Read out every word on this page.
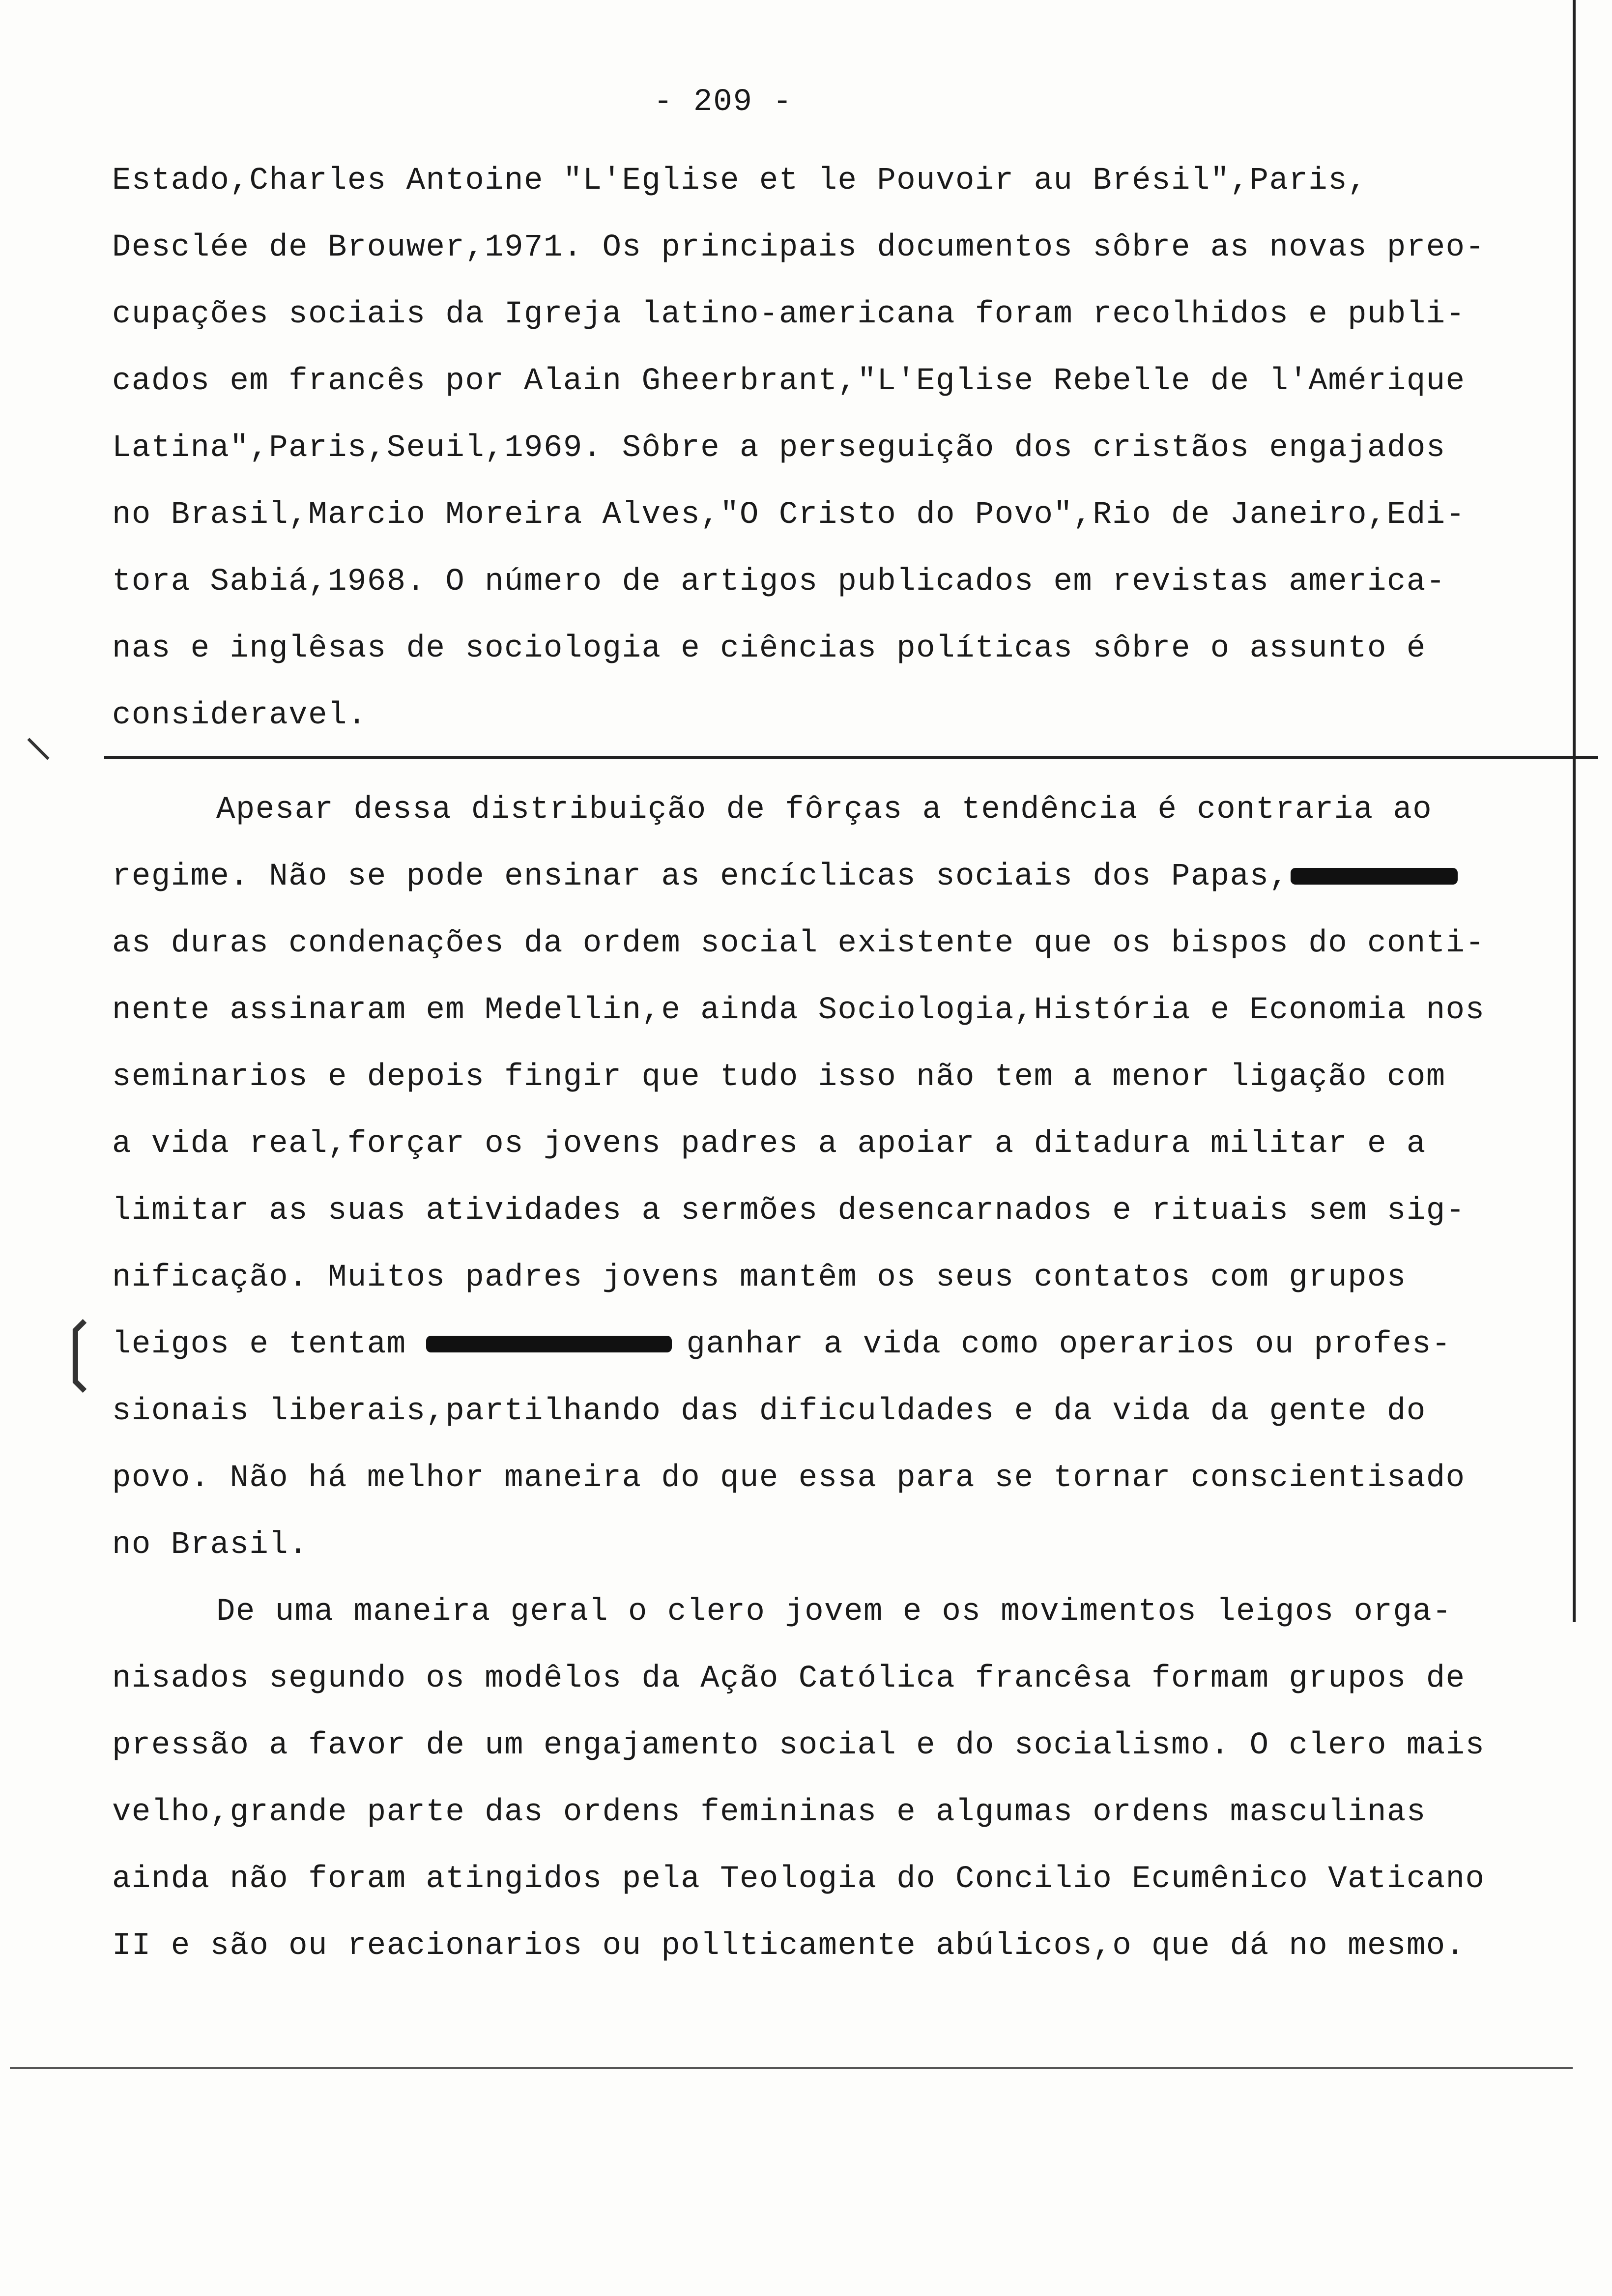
- 209 -
Estado,Charles Antoine "L'Eglise et le Pouvoir au Brésil",Paris,
Desclée de Brouwer,1971. Os principais documentos sôbre as novas preo-
cupações sociais da Igreja latino-americana foram recolhidos e publi-
cados em francês por Alain Gheerbrant,"L'Eglise Rebelle de l'Amérique
Latina",Paris,Seuil,1969. Sôbre a perseguição dos cristãos engajados
no Brasil,Marcio Moreira Alves,"O Cristo do Povo",Rio de Janeiro,Edi-
tora Sabiá,1968. O número de artigos publicados em revistas america-
nas e inglêsas de sociologia e ciências políticas sôbre o assunto é
consideravel.
⸌
❲
Apesar dessa distribuição de fôrças a tendência é contraria ao
regime. Não se pode ensinar as encíclicas sociais dos Papas,
as duras condenações da ordem social existente que os bispos do conti-
nente assinaram em Medellin,e ainda Sociologia,História e Economia nos
seminarios e depois fingir que tudo isso não tem a menor ligação com
a vida real,forçar os jovens padres a apoiar a ditadura militar e a
limitar as suas atividades a sermões desencarnados e rituais sem sig-
nificação. Muitos padres jovens mantêm os seus contatos com grupos
leigos e tentam	ganhar a vida como operarios ou profes-
sionais liberais,partilhando das dificuldades e da vida da gente do
povo. Não há melhor maneira do que essa para se tornar conscientisado
no Brasil.
De uma maneira geral o clero jovem e os movimentos leigos orga-
nisados segundo os modêlos da Ação Católica francêsa formam grupos de
pressão a favor de um engajamento social e do socialismo. O clero mais
velho,grande parte das ordens femininas e algumas ordens masculinas
ainda não foram atingidos pela Teologia do Concilio Ecumênico Vaticano
II e são ou reacionarios ou pollticamente abúlicos,o que dá no mesmo.
